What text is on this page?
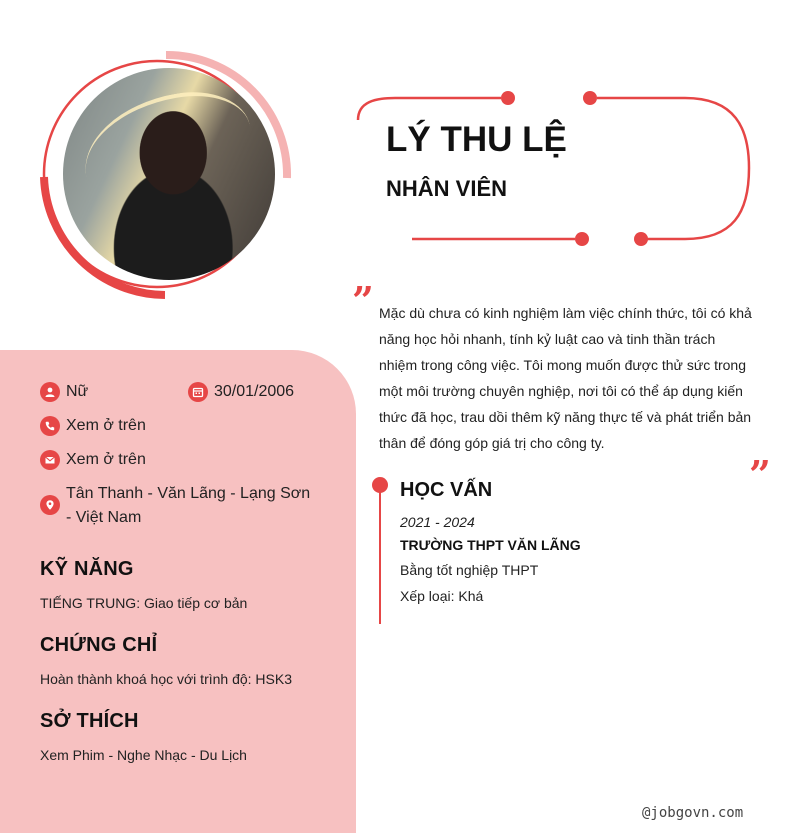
Nữ	30/01/2006
Xem ở trên
Xem ở trên
Tân Thanh - Văn Lãng - Lạng Sơn - Việt Nam
KỸ NĂNG
TIẾNG TRUNG: Giao tiếp cơ bản
CHỨNG CHỈ
Hoàn thành khoá học với trình độ: HSK3
SỞ THÍCH
Xem Phim - Nghe Nhạc - Du Lịch
LÝ THU LỆ
NHÂN VIÊN
” Mặc dù chưa có kinh nghiệm làm việc chính thức, tôi có khả năng học hỏi nhanh, tính kỷ luật cao và tinh thần trách nhiệm trong công việc. Tôi mong muốn được thử sức trong một môi trường chuyên nghiệp, nơi tôi có thể áp dụng kiến thức đã học, trau dồi thêm kỹ năng thực tế và phát triển bản thân để đóng góp giá trị cho công ty.
”
HỌC VẤN
2021 - 2024
TRƯỜNG THPT VĂN LÃNG
Bằng tốt nghiệp THPT
Xếp loại: Khá
@jobgovn.com
